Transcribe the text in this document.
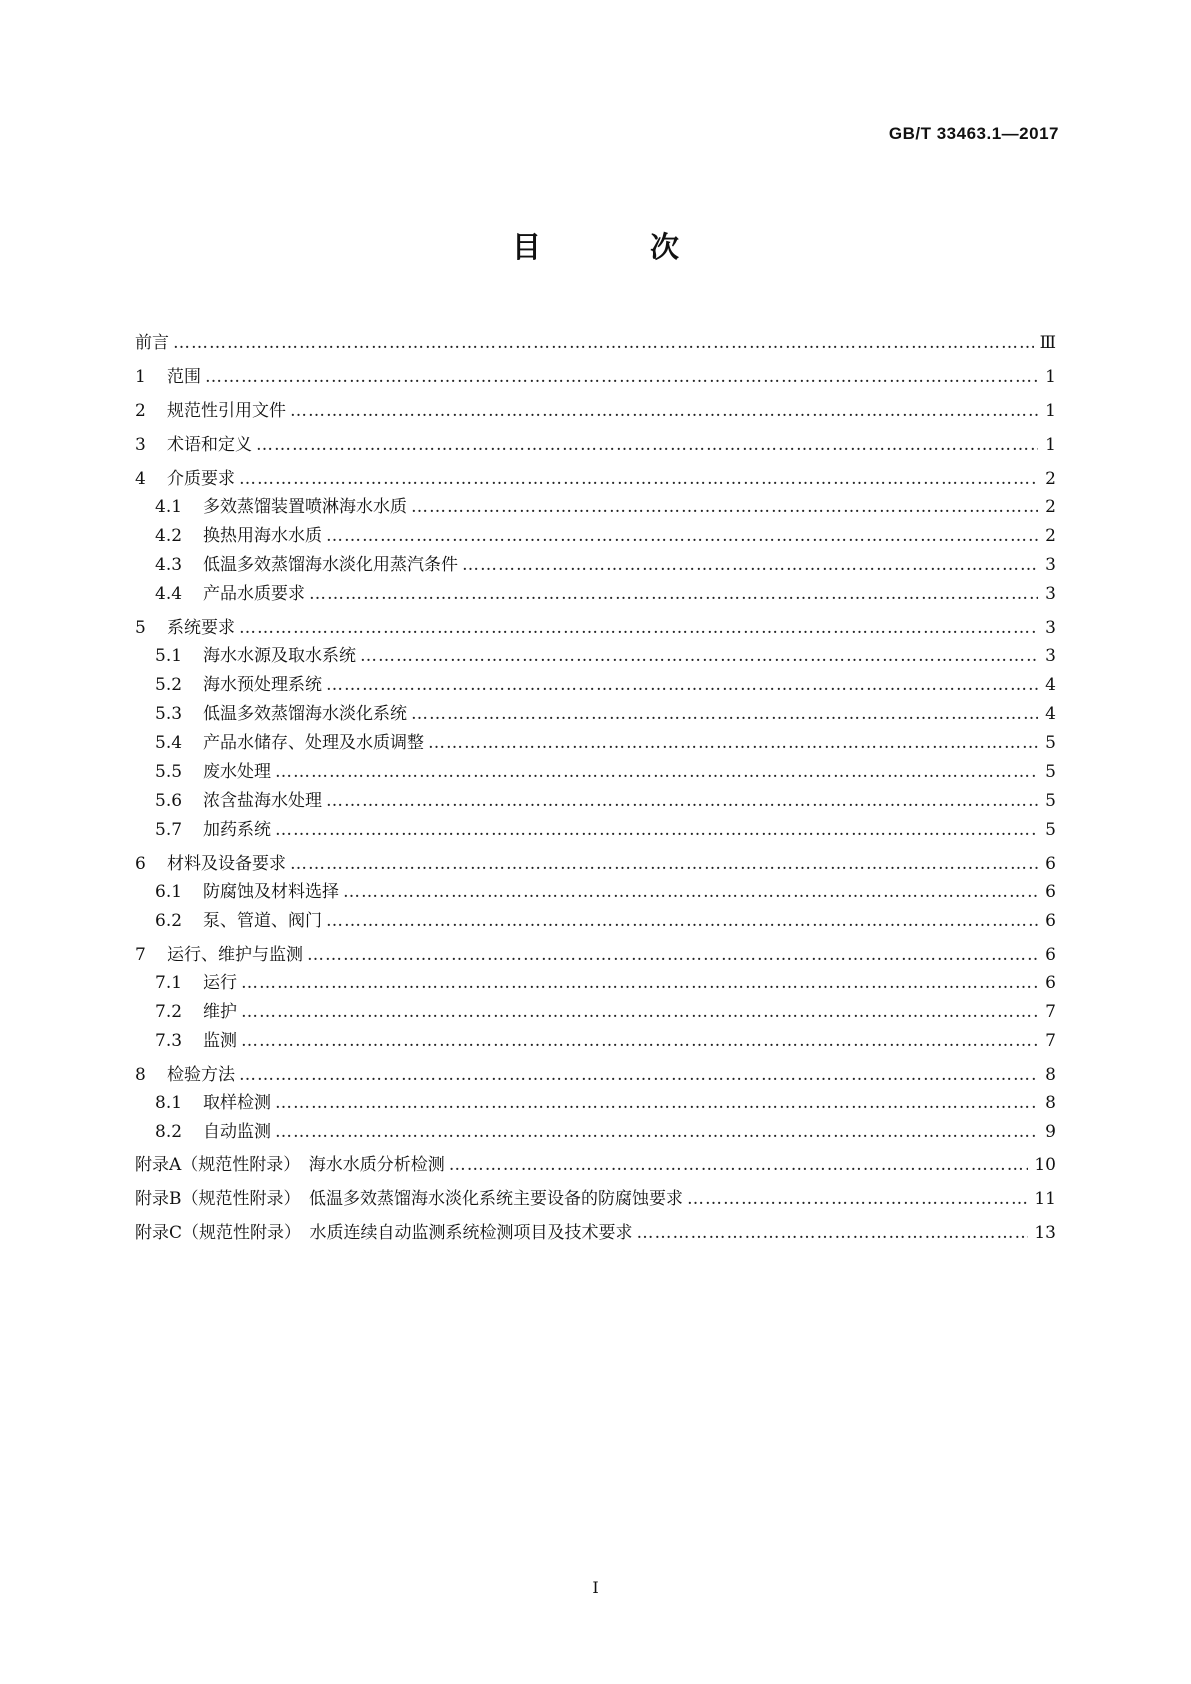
GB/T 33463.1—2017
目　次
前言 ……………………………………………………………………………………………………………………………………………………………………………………………………	Ⅲ
1	范围 ……………………………………………………………………………………………………………………………………………………………………………………………………	1
2	规范性引用文件 ……………………………………………………………………………………………………………………………………………………………………………………………………	1
3	术语和定义 ……………………………………………………………………………………………………………………………………………………………………………………………………	1
4	介质要求 ……………………………………………………………………………………………………………………………………………………………………………………………………	2
4.1	多效蒸馏装置喷淋海水水质 ……………………………………………………………………………………………………………………………………………………………………………………………………	2
4.2	换热用海水水质 ……………………………………………………………………………………………………………………………………………………………………………………………………	2
4.3	低温多效蒸馏海水淡化用蒸汽条件 ……………………………………………………………………………………………………………………………………………………………………………………………………	3
4.4	产品水质要求 ……………………………………………………………………………………………………………………………………………………………………………………………………	3
5	系统要求 ……………………………………………………………………………………………………………………………………………………………………………………………………	3
5.1	海水水源及取水系统 ……………………………………………………………………………………………………………………………………………………………………………………………………	3
5.2	海水预处理系统 ……………………………………………………………………………………………………………………………………………………………………………………………………	4
5.3	低温多效蒸馏海水淡化系统 ……………………………………………………………………………………………………………………………………………………………………………………………………	4
5.4	产品水储存、处理及水质调整 ……………………………………………………………………………………………………………………………………………………………………………………………………	5
5.5	废水处理 ……………………………………………………………………………………………………………………………………………………………………………………………………	5
5.6	浓含盐海水处理 ……………………………………………………………………………………………………………………………………………………………………………………………………	5
5.7	加药系统 ……………………………………………………………………………………………………………………………………………………………………………………………………	5
6	材料及设备要求 ……………………………………………………………………………………………………………………………………………………………………………………………………	6
6.1	防腐蚀及材料选择 ……………………………………………………………………………………………………………………………………………………………………………………………………	6
6.2	泵、管道、阀门 ……………………………………………………………………………………………………………………………………………………………………………………………………	6
7	运行、维护与监测 ……………………………………………………………………………………………………………………………………………………………………………………………………	6
7.1	运行 ……………………………………………………………………………………………………………………………………………………………………………………………………	6
7.2	维护 ……………………………………………………………………………………………………………………………………………………………………………………………………	7
7.3	监测 ……………………………………………………………………………………………………………………………………………………………………………………………………	7
8	检验方法 ……………………………………………………………………………………………………………………………………………………………………………………………………	8
8.1	取样检测 ……………………………………………………………………………………………………………………………………………………………………………………………………	8
8.2	自动监测 ……………………………………………………………………………………………………………………………………………………………………………………………………	9
附录A（规范性附录）　海水水质分析检测 ……………………………………………………………………………………………………………………………………………………………………………………………………	10
附录B（规范性附录）　低温多效蒸馏海水淡化系统主要设备的防腐蚀要求 ……………………………………………………………………………………………………………………………………………………………………………………………………	11
附录C（规范性附录）　水质连续自动监测系统检测项目及技术要求 ……………………………………………………………………………………………………………………………………………………………………………………………………	13
I
